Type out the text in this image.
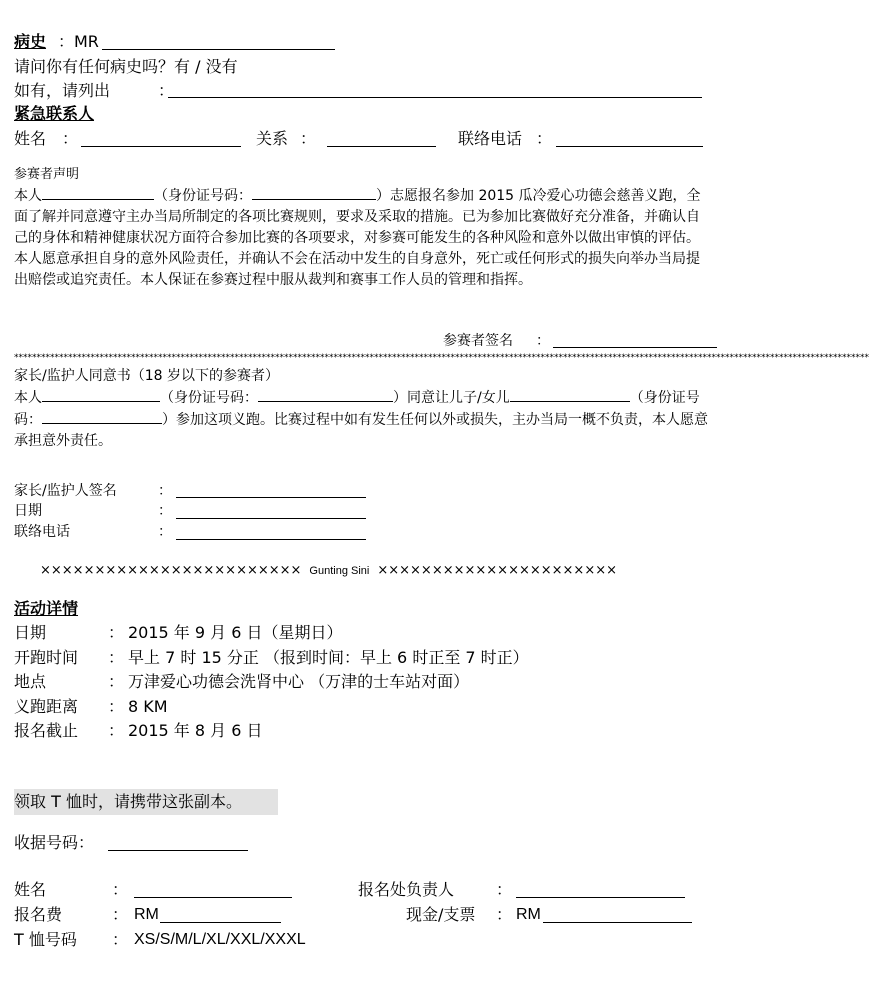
病史 ：MR
请问你有任何病史吗？有 / 没有
如有，请列出	：
紧急联系人
姓名 ：	关系 ：	联络电话 ：
参赛者声明
本人	（身份证号码：	）志愿报名参加 2015 瓜冷爱心功德会慈善义跑，全面了解并同意遵守主办当局所制定的各项比赛规则，要求及采取的措施。已为参加比赛做好充分准备，并确认自己的身体和精神健康状况方面符合参加比赛的各项要求，对参赛可能发生的各种风险和意外以做出审慎的评估。本人愿意承担自身的意外风险责任，并确认不会在活动中发生的自身意外，死亡或任何形式的损失向举办当局提出赔偿或追究责任。本人保证在参赛过程中服从裁判和赛事工作人员的管理和指挥。
参赛者签名 ：
**********************************************************************************************************************************************************************************************
家长/监护人同意书（18 岁以下的参赛者）
本人	（身份证号码：	）同意让儿子/女儿	（身份证号码：	）参加这项义跑。比赛过程中如有发生任何以外或损失，主办当局一概不负责，本人愿意承担意外责任。
家长/监护人签名	：
日期	：
联络电话	：
×××××××××××××××××××××××× Gunting Sini ××××××××××××××××××××××
活动详情
日期	： 2015 年 9 月 6 日（星期日）
开跑时间 ： 早上 7 时 15 分正 （报到时间：早上 6 时正至 7 时正）
地点	： 万津爱心功德会洗肾中心 （万津的士车站对面）
义跑距离 ： 8 KM
报名截止 ： 2015 年 8 月 6 日
领取 T 恤时，请携带这张副本。
收据号码：
姓名	：	报名处负责人	：
报名费	： RM	现金/支票 ： RM
T 恤号码 ： XS/S/M/L/XL/XXL/XXXL
